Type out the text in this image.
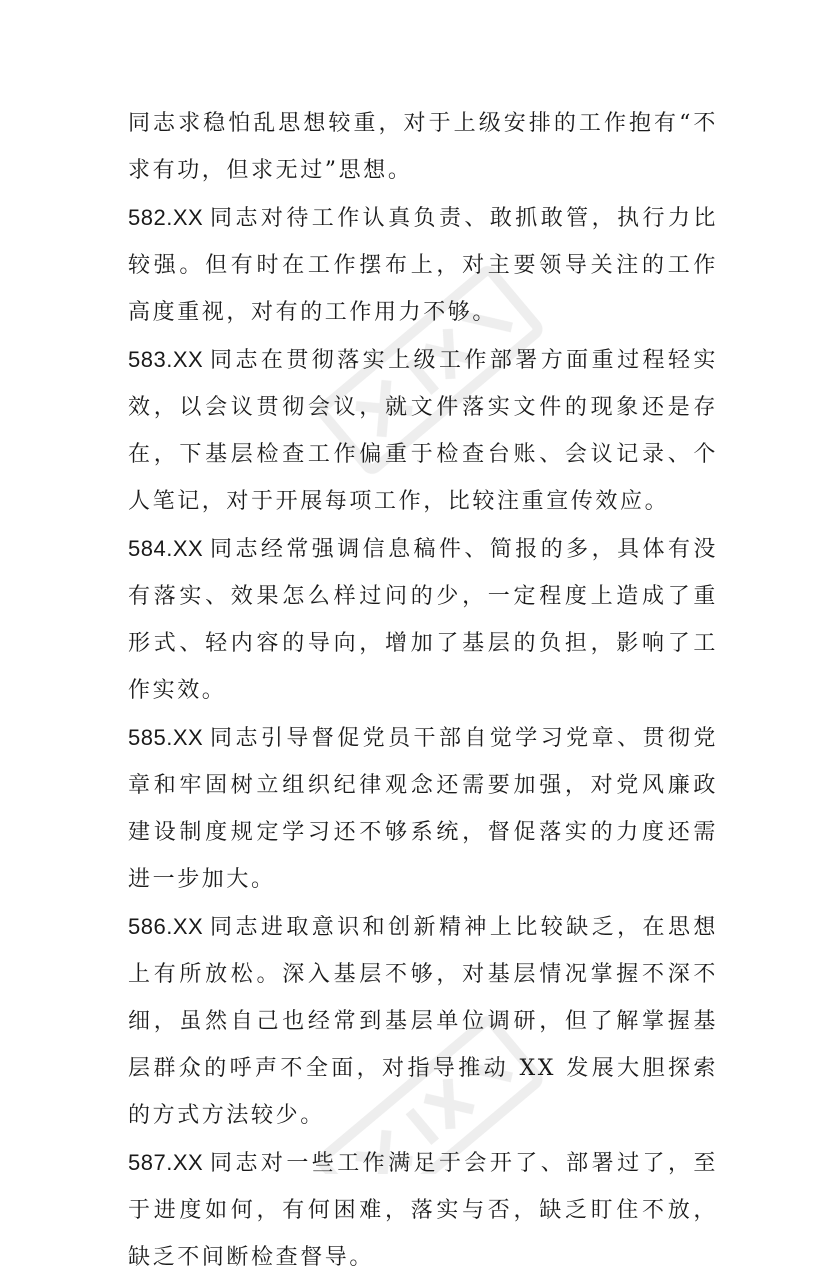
同志求稳怕乱思想较重，对于上级安排的工作抱有“不求有功，但求无过”思想。

582.XX 同志对待工作认真负责、敢抓敢管，执行力比较强。但有时在工作摆布上，对主要领导关注的工作高度重视，对有的工作用力不够。

583.XX 同志在贯彻落实上级工作部署方面重过程轻实效，以会议贯彻会议，就文件落实文件的现象还是存在，下基层检查工作偏重于检查台账、会议记录、个人笔记，对于开展每项工作，比较注重宣传效应。

584.XX 同志经常强调信息稿件、简报的多，具体有没有落实、效果怎么样过问的少，一定程度上造成了重形式、轻内容的导向，增加了基层的负担，影响了工作实效。

585.XX 同志引导督促党员干部自觉学习党章、贯彻党章和牢固树立组织纪律观念还需要加强，对党风廉政建设制度规定学习还不够系统，督促落实的力度还需进一步加大。

586.XX 同志进取意识和创新精神上比较缺乏，在思想上有所放松。深入基层不够，对基层情况掌握不深不细，虽然自己也经常到基层单位调研，但了解掌握基层群众的呼声不全面，对指导推动 XX 发展大胆探索的方式方法较少。

587.XX 同志对一些工作满足于会开了、部署过了，至于进度如何，有何困难，落实与否，缺乏盯住不放，缺乏不间断检查督导。
